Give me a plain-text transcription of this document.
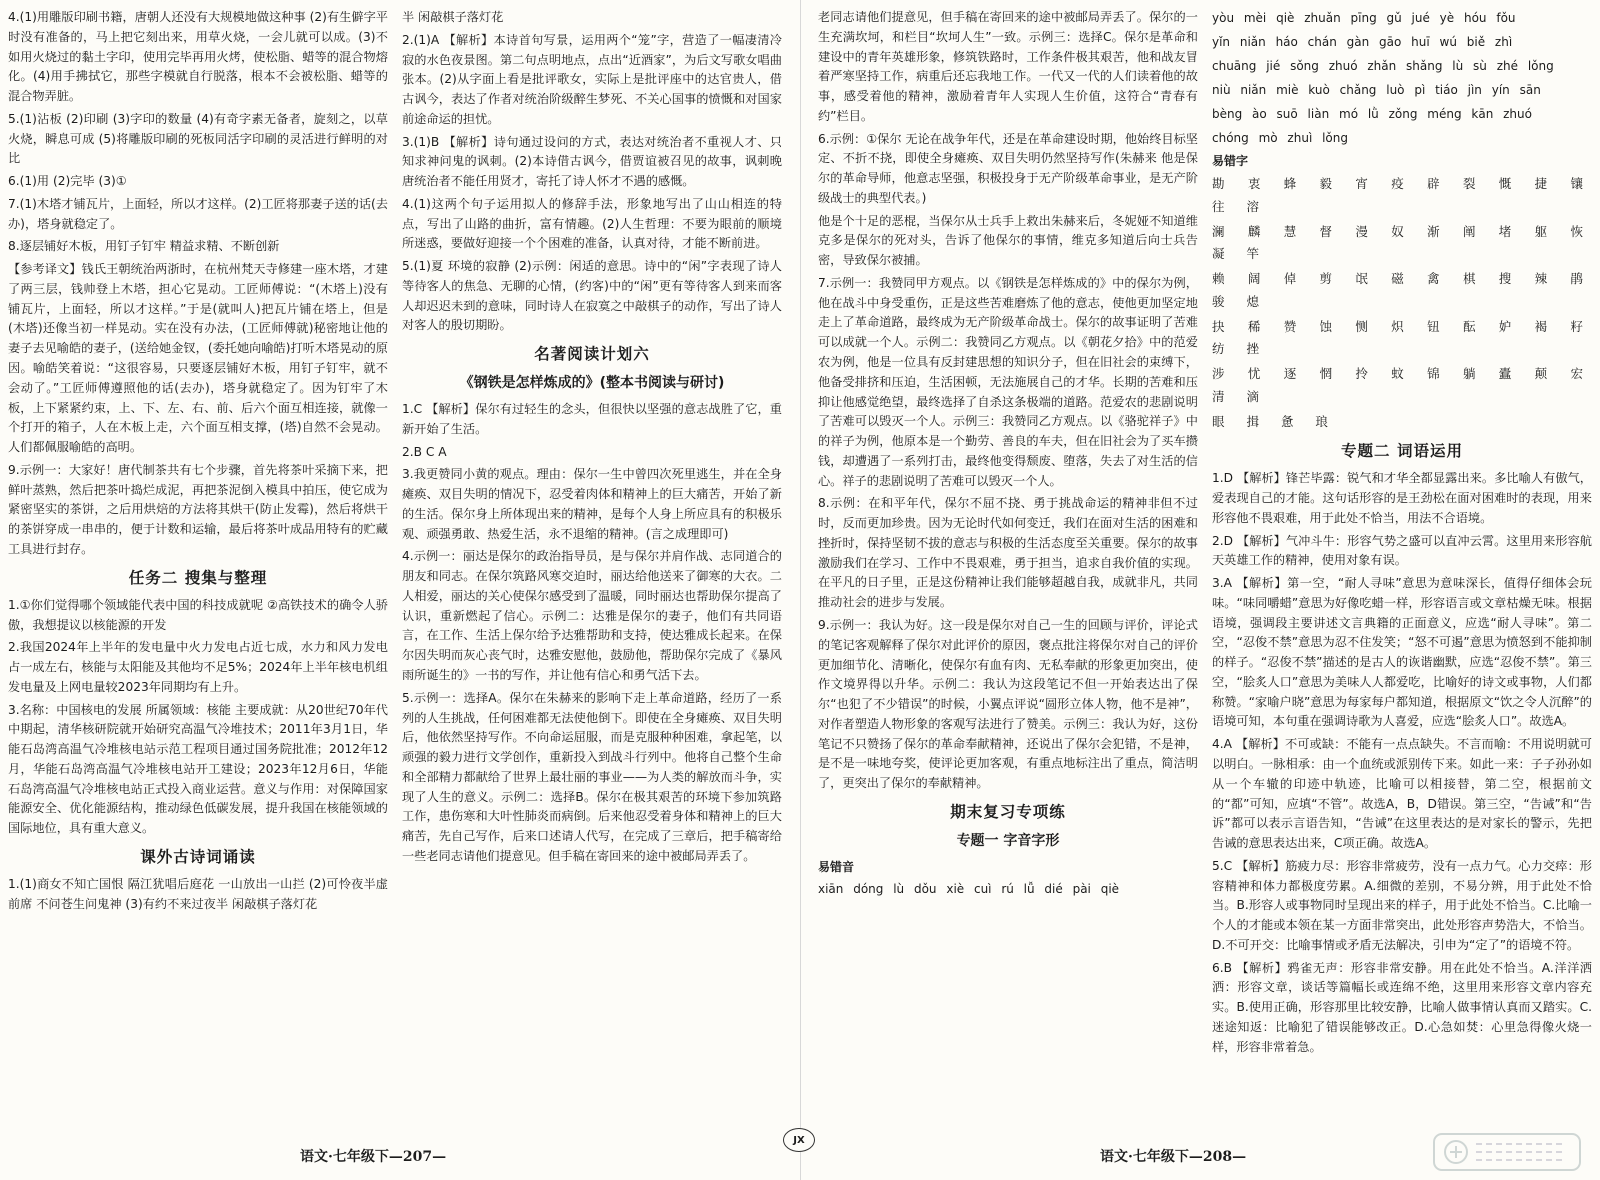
4.(1)用雕版印刷书籍，唐朝人还没有大规模地做这种事 (2)有生僻字平时没有准备的，马上把它刻出来，用草火烧，一会儿就可以成。(3)不如用火烧过的黏土字印，使用完毕再用火烤，使松脂、蜡等的混合物熔化。(4)用手拂拭它，那些字模就自行脱落，根本不会被松脂、蜡等的混合物弄脏。

5.(1)沾板 (2)印刷 (3)字印的数量 (4)有奇字素无备者，旋刻之，以草火烧，瞬息可成 (5)将雕版印刷的死板同活字印刷的灵活进行鲜明的对比

6.(1)用 (2)完毕 (3)①

7.(1)木塔才铺瓦片，上面轻，所以才这样。(2)工匠将那妻子送的话(去办)，塔身就稳定了。

8.逐层铺好木板，用钉子钉牢 精益求精、不断创新

【参考译文】钱氏王朝统治两浙时，在杭州梵天寺修建一座木塔，才建了两三层，钱帅登上木塔，担心它晃动。工匠师傅说：“(木塔上)没有铺瓦片，上面轻，所以才这样。”于是(就叫人)把瓦片铺在塔上，但是(木塔)还像当初一样晃动。实在没有办法，(工匠师傅就)秘密地让他的妻子去见喻皓的妻子，(送给她金钗，(委托她向喻皓)打听木塔晃动的原因。喻皓笑着说：“这很容易，只要逐层铺好木板，用钉子钉牢，就不会动了。”工匠师傅遵照他的话(去办)，塔身就稳定了。因为钉牢了木板，上下紧紧约束，上、下、左、右、前、后六个面互相连接，就像一个打开的箱子，人在木板上走，六个面互相支撑，(塔)自然不会晃动。人们都佩服喻皓的高明。

9.示例一：大家好！唐代制茶共有七个步骤，首先将茶叶采摘下来，把鲜叶蒸熟，然后把茶叶捣烂成泥，再把茶泥倒入模具中拍压，使它成为紧密坚实的茶饼，之后用烘焙的方法将其烘干(防止发霉)，然后将烘干的茶饼穿成一串串的，便于计数和运输，最后将茶叶成品用特有的贮藏工具进行封存。

任务二 搜集与整理

1.①你们觉得哪个领域能代表中国的科技成就呢 ②高铁技术的确令人骄傲，我想提议以核能源的开发

2.我国2024年上半年的发电量中火力发电占近七成，水力和风力发电占一成左右，核能与太阳能及其他均不足5%；2024年上半年核电机组发电量及上网电量较2023年同期均有上升。

3.名称：中国核电的发展 所属领域：核能 主要成就：从20世纪70年代中期起，清华核研院就开始研究高温气冷堆技术；2011年3月1日，华能石岛湾高温气冷堆核电站示范工程项目通过国务院批准；2012年12月，华能石岛湾高温气冷堆核电站开工建设；2023年12月6日，华能石岛湾高温气冷堆核电站正式投入商业运营。意义与作用：对保障国家能源安全、优化能源结构，推动绿色低碳发展，提升我国在核能领域的国际地位，具有重大意义。

课外古诗词诵读

1.(1)商女不知亡国恨 隔江犹唱后庭花 一山放出一山拦 (2)可怜夜半虚前席 不问苍生问鬼神 (3)有约不来过夜半 闲敲棋子落灯花

半 闲敲棋子落灯花

2.(1)A 【解析】本诗首句写景，运用两个“笼”字，营造了一幅凄清冷寂的水色夜景图。第二句点明地点，点出“近酒家”，为后文写歌女唱曲张本。(2)从字面上看是批评歌女，实际上是批评座中的达官贵人，借古讽今，表达了作者对统治阶级醉生梦死、不关心国事的愤慨和对国家前途命运的担忧。

3.(1)B 【解析】诗句通过设问的方式，表达对统治者不重视人才、只知求神问鬼的讽刺。(2)本诗借古讽今，借贾谊被召见的故事，讽刺晚唐统治者不能任用贤才，寄托了诗人怀才不遇的感慨。

4.(1)这两个句子运用拟人的修辞手法，形象地写出了山山相连的特点，写出了山路的曲折，富有情趣。(2)人生哲理：不要为眼前的顺境所迷惑，要做好迎接一个个困难的准备，认真对待，才能不断前进。

5.(1)夏 环境的寂静 (2)示例：闲适的意思。诗中的“闲”字表现了诗人等待客人的焦急、无聊的心情，(约客)中的“闲”更有等待客人到来而客人却迟迟未到的意味，同时诗人在寂寞之中敲棋子的动作，写出了诗人对客人的殷切期盼。

名著阅读计划六
《钢铁是怎样炼成的》(整本书阅读与研讨)

1.C 【解析】保尔有过轻生的念头，但很快以坚强的意志战胜了它，重新开始了生活。

2.B C A

3.我更赞同小黄的观点。理由：保尔一生中曾四次死里逃生，并在全身瘫痪、双目失明的情况下，忍受着肉体和精神上的巨大痛苦，开始了新的生活。保尔身上所体现出来的精神，是每个人身上所应具有的积极乐观、顽强勇敢、热爱生活，永不退缩的精神。(言之成理即可)

4.示例一：丽达是保尔的政治指导员，是与保尔并肩作战、志同道合的朋友和同志。在保尔筑路风寒交迫时，丽达给他送来了御寒的大衣。二人相爱，丽达的关心使保尔感受到了温暖，同时丽达也帮助保尔提高了认识，重新燃起了信心。示例二：达雅是保尔的妻子，他们有共同语言，在工作、生活上保尔给予达雅帮助和支持，使达雅成长起来。在保尔因失明而灰心丧气时，达雅安慰他，鼓励他，帮助保尔完成了《暴风雨所诞生的》一书的写作，并让他有信心和勇气活下去。

5.示例一：选择A。保尔在朱赫来的影响下走上革命道路，经历了一系列的人生挑战，任何困难都无法使他倒下。即使在全身瘫痪、双目失明后，他依然坚持写作。不向命运屈服，而是克服种种困难，拿起笔，以顽强的毅力进行文学创作，重新投入到战斗行列中。他将自己整个生命和全部精力都献给了世界上最壮丽的事业——为人类的解放而斗争，实现了人生的意义。示例二：选择B。保尔在极其艰苦的环境下参加筑路工作，患伤寒和大叶性肺炎而病倒。后来他忍受着身体和精神上的巨大痛苦，先自己写作，后来口述请人代写，在完成了三章后，把手稿寄给一些老同志请他们提意见。但手稿在寄回来的途中被邮局弄丢了。

语文·七年级下—207—
JX

老同志请他们提意见，但手稿在寄回来的途中被邮局弄丢了。保尔的一生充满坎坷，和栏目“坎坷人生”一致。示例三：选择C。保尔是革命和建设中的青年英雄形象，修筑铁路时，工作条件极其艰苦，他和战友冒着严寒坚持工作，病重后还忘我地工作。一代又一代的人们读着他的故事，感受着他的精神，激励着青年人实现人生价值，这符合“青春有约”栏目。

6.示例：①保尔 无论在战争年代，还是在革命建设时期，他始终目标坚定、不折不挠，即使全身瘫痪、双目失明仍然坚持写作(朱赫来 他是保尔的革命导师，他意志坚强，积极投身于无产阶级革命事业，是无产阶级战士的典型代表。)

他是个十足的恶棍，当保尔从士兵手上救出朱赫来后，冬妮娅不知道维克多是保尔的死对头，告诉了他保尔的事情，维克多知道后向士兵告密，导致保尔被捕。

7.示例一：我赞同甲方观点。以《钢铁是怎样炼成的》中的保尔为例，他在战斗中身受重伤，正是这些苦难磨炼了他的意志，使他更加坚定地走上了革命道路，最终成为无产阶级革命战士。保尔的故事证明了苦难可以成就一个人。示例二：我赞同乙方观点。以《朝花夕拾》中的范爱农为例，他是一位具有反封建思想的知识分子，但在旧社会的束缚下，他备受排挤和压迫，生活困顿，无法施展自己的才华。长期的苦难和压抑让他感觉绝望，最终选择了自杀这条极端的道路。范爱农的悲剧说明了苦难可以毁灭一个人。示例三：我赞同乙方观点。以《骆驼祥子》中的祥子为例，他原本是一个勤劳、善良的车夫，但在旧社会为了买车攒钱，却遭遇了一系列打击，最终他变得颓废、堕落，失去了对生活的信心。祥子的悲剧说明了苦难可以毁灭一个人。

8.示例：在和平年代，保尔不屈不挠、勇于挑战命运的精神非但不过时，反而更加珍贵。因为无论时代如何变迁，我们在面对生活的困难和挫折时，保持坚韧不拔的意志与积极的生活态度至关重要。保尔的故事激励我们在学习、工作中不畏艰难，勇于担当，追求自我价值的实现。在平凡的日子里，正是这份精神让我们能够超越自我，成就非凡，共同推动社会的进步与发展。

9.示例一：我认为好。这一段是保尔对自己一生的回顾与评价，评论式的笔记客观解释了保尔对此评价的原因，褒点批注将保尔对自己的评价更加细节化、清晰化，使保尔有血有肉、无私奉献的形象更加突出，使作文境界得以升华。示例二：我认为这段笔记不但一开始表达出了保尔“也犯了不少错误”的时候，小翼点评说“圆形立体人物，他不是神”，对作者塑造人物形象的客观写法进行了赞美。示例三：我认为好，这份笔记不只赞扬了保尔的革命奉献精神，还说出了保尔会犯错，不是神，是不是一味地夸奖，使评论更加客观，有重点地标注出了重点，简洁明了，更突出了保尔的奉献精神。

期末复习专项练
专题一 字音字形
易错音

xiān dóng lù dǒu xiè cuì rú lǚ dié pài qiè

yòu mèi qiè zhuǎn pīng gǔ jué yè hóu fǒu

yǐn niǎn háo chán gàn gāo huī wú biě zhì

chuāng jié sǒng zhuó zhǎn shǎng lù sù zhé lǒng

niù niǎn miè kuò chǎng luò pì tiáo jìn yín sān

bèng ào suō liàn mó lǜ zǒng méng kān zhuó

chóng mò zhuì lǒng

易错字

勘 衷 蜂 毅 宵 疫 辟 裂 慨 捷 镶 往 溶

澜 麟 慧 督 漫 奴 渐 阐 堵 躯 恢 凝 竿

赖 阔 倬 剪 氓 磁 禽 棋 搜 辣 鹃 骏 熄

抉 稀 赞 蚀 恻 炽 钮 酝 妒 褐 籽 纺 挫

涉 忧 逐 惘 拎 蚊 锦 躺 蠹 颠 宏 清 滴

眼 揖 惫 琅

专题二 词语运用

1.D 【解析】锋芒毕露：锐气和才华全都显露出来。多比喻人有傲气，爱表现自己的才能。这句话形容的是王劲松在面对困难时的表现，用来形容他不畏艰难，用于此处不恰当，用法不合语境。

2.D 【解析】气冲斗牛：形容气势之盛可以直冲云霄。这里用来形容航天英雄工作的精神，使用对象有误。

3.A 【解析】第一空，“耐人寻味”意思为意味深长，值得仔细体会玩味。“味同嚼蜡”意思为好像吃蜡一样，形容语言或文章枯燥无味。根据语境，强调段主要讲述文言典籍的正面意义，应选“耐人寻味”。第二空，“忍俊不禁”意思为忍不住发笑；“怒不可遏”意思为愤怒到不能抑制的样子。“忍俊不禁”描述的是古人的诙谐幽默，应选“忍俊不禁”。第三空，“脍炙人口”意思为美味人人都爱吃，比喻好的诗文或事物，人们都称赞。“家喻户晓”意思为每家每户都知道，根据原文“饮之令人沉醉”的语境可知，本句重在强调诗歌为人喜爱，应选“脍炙人口”。故选A。

4.A 【解析】不可或缺：不能有一点点缺失。不言而喻：不用说明就可以明白。一脉相承：由一个血统或派别传下来。如此一来：子子孙孙如从一个车辙的印迹中轨迹，比喻可以相接替，第二空，根据前文的“都”可知，应填“不管”。故选A，B，D错误。第三空，“告诫”和“告诉”都可以表示言语告知，“告诫”在这里表达的是对家长的警示，先把告诫的意思表达出来，C项正确。故选A。

5.C 【解析】筋疲力尽：形容非常疲劳，没有一点力气。心力交瘁：形容精神和体力都极度劳累。A.细微的差别，不易分辨，用于此处不恰当。B.形容人或事物同时呈现出来的样子，用于此处不恰当。C.比喻一个人的才能或本领在某一方面非常突出，此处形容声势浩大，不恰当。D.不可开交：比喻事情或矛盾无法解决，引申为“定了”的语境不符。

6.B 【解析】鸦雀无声：形容非常安静。用在此处不恰当。A.洋洋洒洒：形容文章，谈话等篇幅长或连绵不绝，这里用来形容文章内容充实。B.使用正确，形容那里比较安静，比喻人做事情认真而又踏实。C.迷途知返：比喻犯了错误能够改正。D.心急如焚：心里急得像火烧一样，形容非常着急。

语文·七年级下—208—
